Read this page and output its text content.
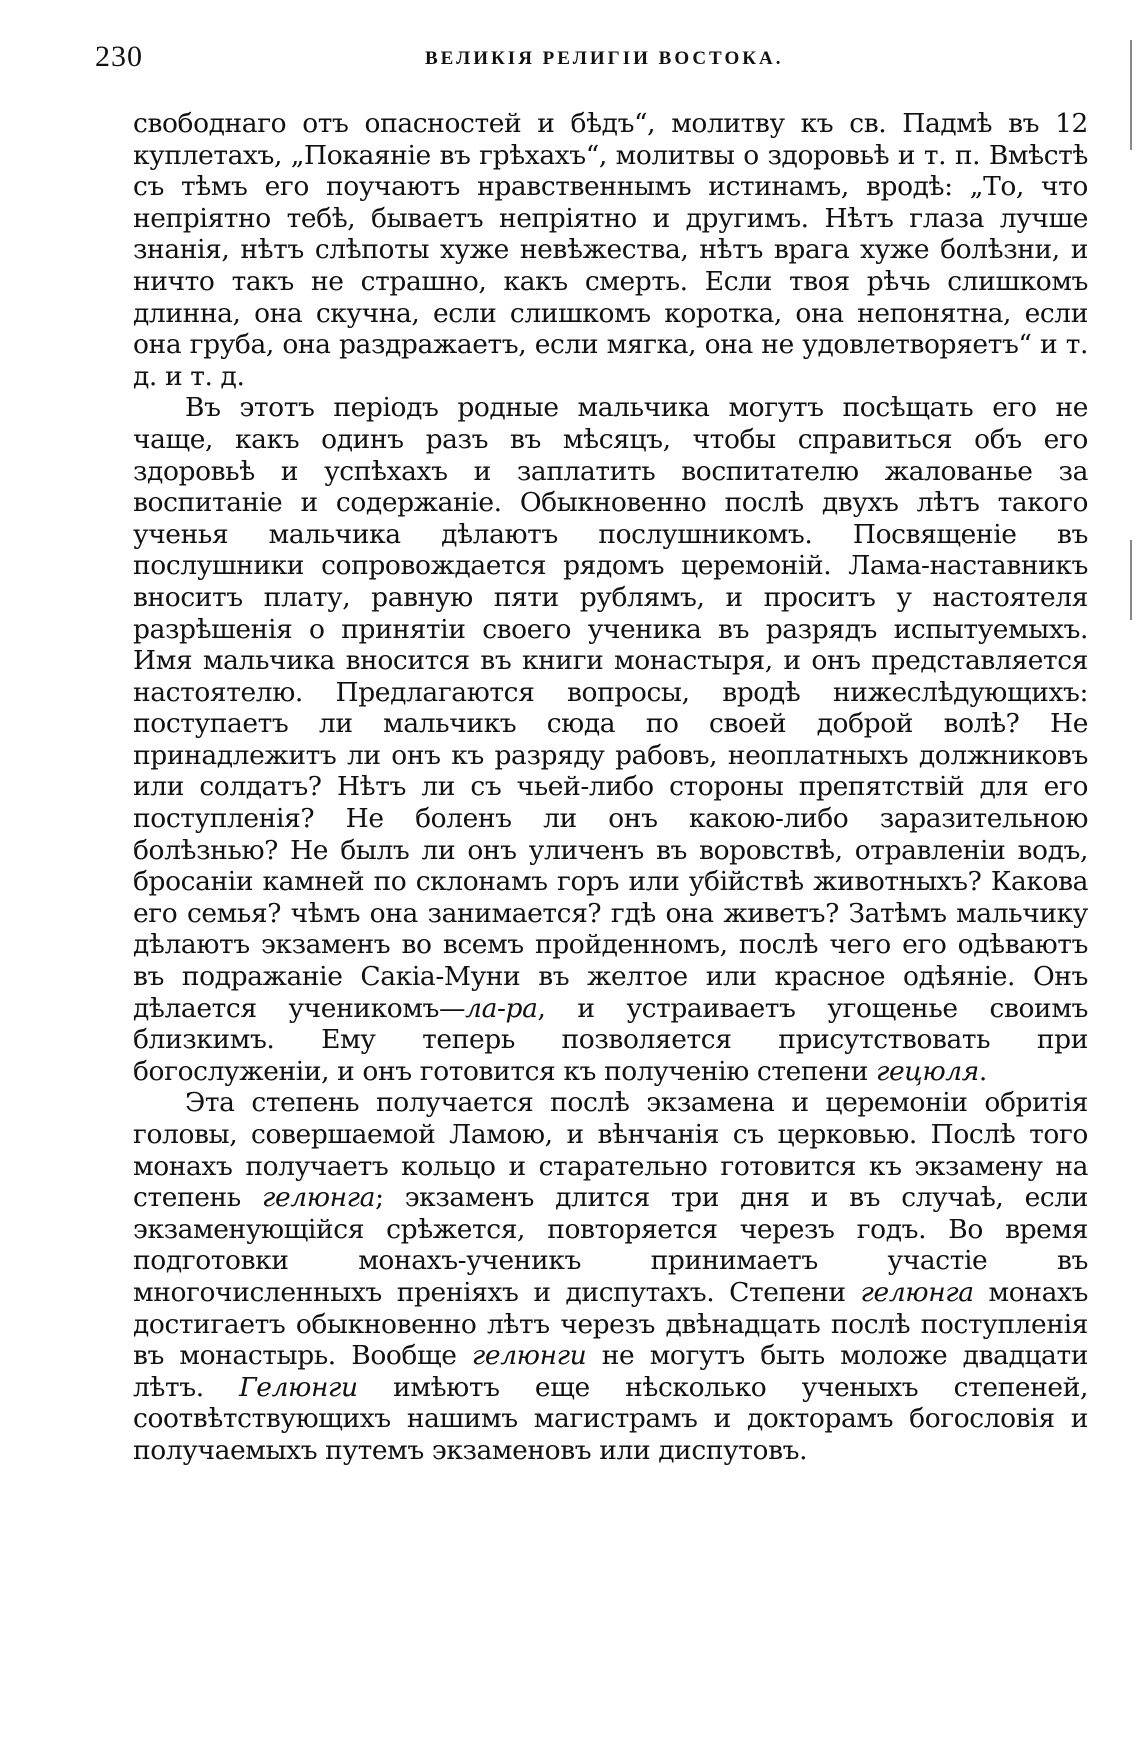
230	ВЕЛИКІЯ РЕЛИГІИ ВОСТОКА.

свободнаго отъ опасностей и бѣдъ“, молитву къ св. Падмѣ въ 12 куплетахъ, „Покаяніе въ грѣхахъ“, молитвы о здоровьѣ и т. п. Вмѣстѣ съ тѣмъ его поучаютъ нравственнымъ истинамъ, вродѣ: „То, что непріятно тебѣ, бываетъ непріятно и другимъ. Нѣтъ глаза лучше знанія, нѣтъ слѣпоты хуже невѣжества, нѣтъ врага хуже болѣзни, и ничто такъ не страшно, какъ смерть. Если твоя рѣчь слишкомъ длинна, она скучна, если слишкомъ коротка, она непонятна, если она груба, она раздражаетъ, если мягка, она не удовлетворяетъ“ и т. д. и т. д.

Въ этотъ періодъ родные мальчика могутъ посѣщать его не чаще, какъ одинъ разъ въ мѣсяцъ, чтобы справиться объ его здоровьѣ и успѣхахъ и заплатить воспитателю жалованье за воспитаніе и содержаніе. Обыкновенно послѣ двухъ лѣтъ такого ученья мальчика дѣлаютъ послушникомъ. Посвященіе въ послушники сопровождается рядомъ церемоній. Лама-наставникъ вноситъ плату, равную пяти рублямъ, и проситъ у настоятеля разрѣшенія о принятіи своего ученика въ разрядъ испытуемыхъ. Имя мальчика вносится въ книги монастыря, и онъ представляется настоятелю. Предлагаются вопросы, вродѣ нижеслѣдующихъ: поступаетъ ли мальчикъ сюда по своей доброй волѣ? Не принадлежитъ ли онъ къ разряду рабовъ, неоплатныхъ должниковъ или солдатъ? Нѣтъ ли съ чьей-либо стороны препятствій для его поступленія? Не боленъ ли онъ какою-либо заразительною болѣзнью? Не былъ ли онъ уличенъ въ воровствѣ, отравленіи водъ, бросаніи камней по склонамъ горъ или убійствѣ животныхъ? Какова его семья? чѣмъ она занимается? гдѣ она живетъ? Затѣмъ мальчику дѣлаютъ экзаменъ во всемъ пройденномъ, послѣ чего его одѣваютъ въ подражаніе Сакіа-Муни въ желтое или красное одѣяніе. Онъ дѣлается ученикомъ—ла-ра, и устраиваетъ угощенье своимъ близкимъ. Ему теперь позволяется присутствовать при богослуженіи, и онъ готовится къ полученію степени гецюля.

Эта степень получается послѣ экзамена и церемоніи обритія головы, совершаемой Ламою, и вѣнчанія съ церковью. Послѣ того монахъ получаетъ кольцо и старательно готовится къ экзамену на степень гелюнга; экзаменъ длится три дня и въ случаѣ, если экзаменующійся срѣжется, повторяется черезъ годъ. Во время подготовки монахъ-ученикъ принимаетъ участіе въ многочисленныхъ преніяхъ и диспутахъ. Степени гелюнга монахъ достигаетъ обыкновенно лѣтъ черезъ двѣнадцать послѣ поступленія въ монастырь. Вообще гелюнги не могутъ быть моложе двадцати лѣтъ. Гелюнги имѣютъ еще нѣсколько ученыхъ степеней, соотвѣтствующихъ нашимъ магистрамъ и докторамъ богословія и получаемыхъ путемъ экзаменовъ или диспутовъ.
